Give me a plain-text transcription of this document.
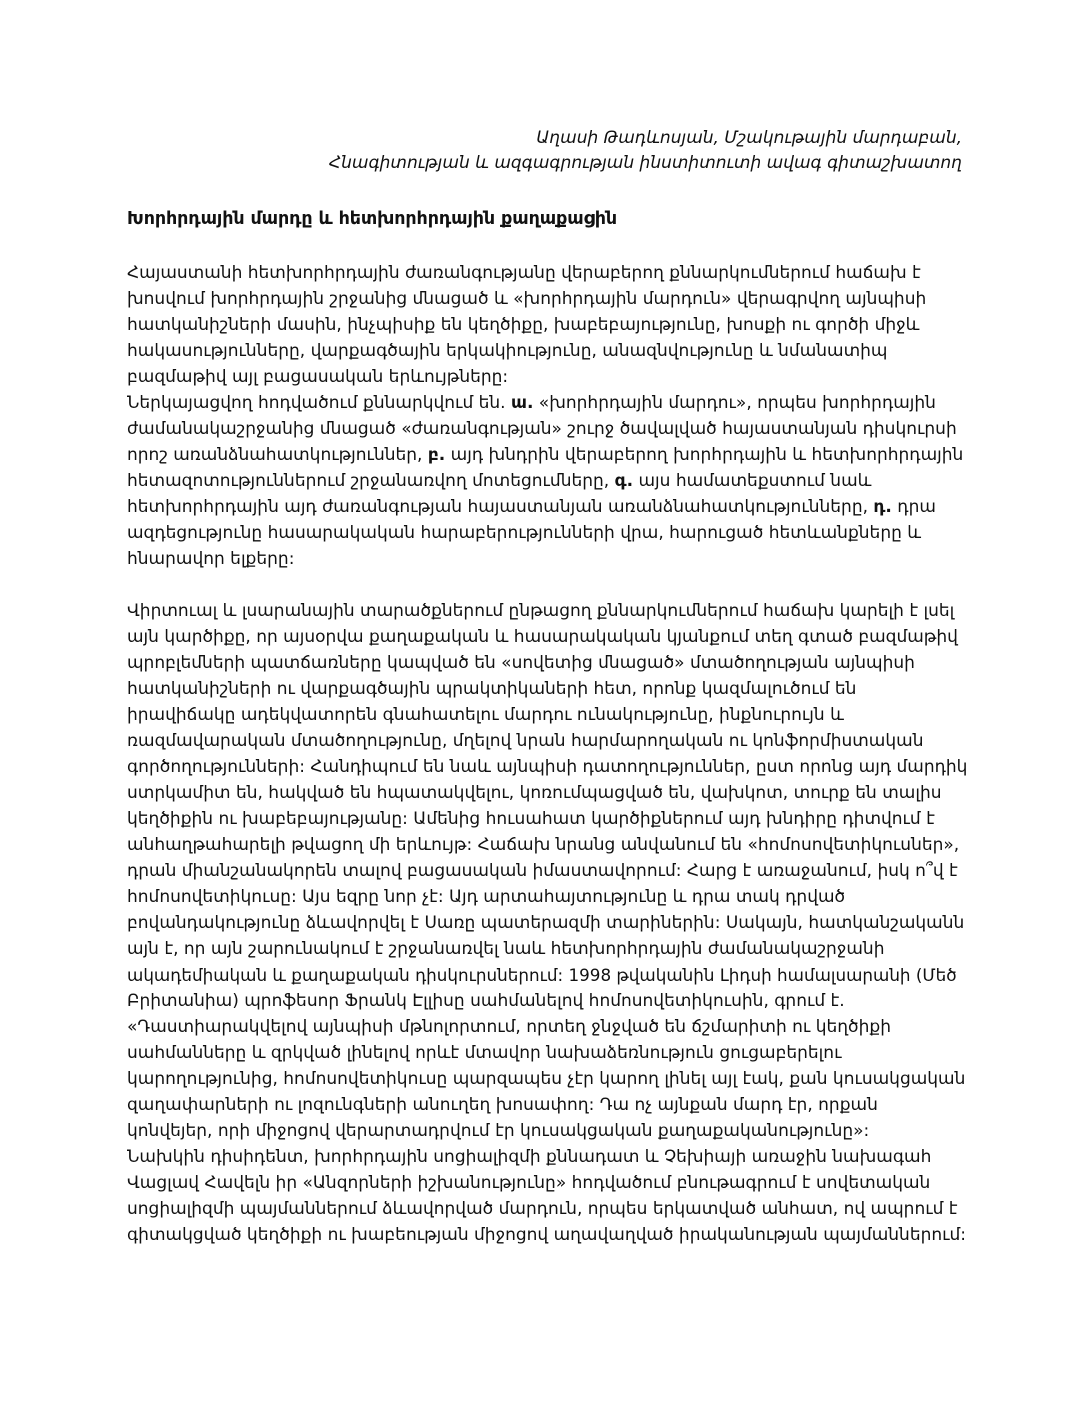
Աղասի Թադևոսյան, Մշակութային մարդաբան,
Հնագիտության և ազգագրության ինստիտուտի ավագ գիտաշխատող
Խորհրդային մարդը և հետխորհրդային քաղաքացին

Հայաստանի հետխորհրդային ժառանգությանը վերաբերող քննարկումներում հաճախ է
խոսվում խորհրդային շրջանից մնացած և «խորհրդային մարդուն» վերագրվող այնպիսի
հատկանիշների մասին, ինչպիսիք են կեղծիքը, խաբեբայությունը, խոսքի ու գործի միջև
հակասությունները, վարքագծային երկակիությունը, անազնվությունը և նմանատիպ
բազմաթիվ այլ բացասական երևույթները:

Ներկայացվող հոդվածում քննարկվում են. ա. «խորհրդային մարդու», որպես խորհրդային
ժամանակաշրջանից մնացած «ժառանգության» շուրջ ծավալված հայաստանյան դիսկուրսի
որոշ առանձնահատկություններ, բ. այդ խնդրին վերաբերող խորհրդային և հետխորհրդային
հետազոտություններում շրջանառվող մոտեցումները, գ. այս համատեքստում նաև
հետխորհրդային այդ ժառանգության հայաստանյան առանձնահատկությունները, դ. դրա
ազդեցությունը հասարակական հարաբերությունների վրա, հարուցած հետևանքները և
հնարավոր ելքերը:

Վիրտուալ և լսարանային տարածքներում ընթացող քննարկումներում հաճախ կարելի է լսել
այն կարծիքը, որ այսօրվա քաղաքական և հասարակական կյանքում տեղ գտած բազմաթիվ
պրոբլեմների պատճառները կապված են «սովետից մնացած» մտածողության այնպիսի
հատկանիշների ու վարքագծային պրակտիկաների հետ, որոնք կազմալուծում են
իրավիճակը ադեկվատորեն գնահատելու մարդու ունակությունը, ինքնուրույն և
ռազմավարական մտածողությունը, մղելով նրան հարմարողական ու կոնֆորմիստական
գործողությունների: Հանդիպում են նաև այնպիսի դատողություններ, ըստ որոնց այդ մարդիկ
ստրկամիտ են, հակված են hպատակվելու, կոռումպացված են, վախկոտ, տուրք են տալիս
կեղծիքին ու խաբեբայությանը: Ամենից հուսահատ կարծիքներում այդ խնդիրը դիտվում է
անհաղթահարելի թվացող մի երևույթ: Հաճախ նրանց անվանում են «հոմոսովետիկուսներ»,
դրան միանշանակորեն տալով բացասական իմաստավորում: Հարց է առաջանում, իսկ ո՞վ է
հոմոսովետիկուսը: Այս եզրը նոր չէ: Այդ արտահայտությունը և դրա տակ դրված
բովանդակությունը ձևավորվել է Սառը պատերազմի տարիներին: Սակայն, հատկանշականն
այն է, որ այն շարունակում է շրջանառվել նաև հետխորհրդային ժամանակաշրջանի
ակադեմիական և քաղաքական դիսկուրսներում: 1998 թվականին Լիդսի համալսարանի (Մեծ
Բրիտանիա) պրոֆեսոր Ֆրանկ Էլլիսը սահմանելով հոմոսովետիկուսին, գրում է.
«Դաստիարակվելով այնպիսի մթնոլորտում, որտեղ ջնջված են ճշմարիտի ու կեղծիքի
սահմանները և զրկված լինելով որևէ մտավոր նախաձեռնություն ցուցաբերելու
կարողությունից, հոմոսովետիկուսը պարզապես չէր կարող լինել այլ էակ, քան կուսակցական
զաղափարների ու լոզունգների անուղեղ խոսափող: Դա ոչ այնքան մարդ էր, որքան
կոնվեյեր, որի միջոցով վերարտադրվում էր կուսակցական քաղաքականությունը»:
Նախկին դիսիդենտ, խորհրդային սոցիալիզմի քննադատ և Չեխիայի առաջին նախագահ
Վացլավ Հավելն իր «Անզորների իշխանությունը» հոդվածում բնութագրում է սովետական
սոցիալիզմի պայմաններում ձևավորված մարդուն, որպես երկատված անհատ, ով ապրում է
գիտակցված կեղծիքի ու խաբեության միջոցով աղավաղված իրականության պայմաններում:
